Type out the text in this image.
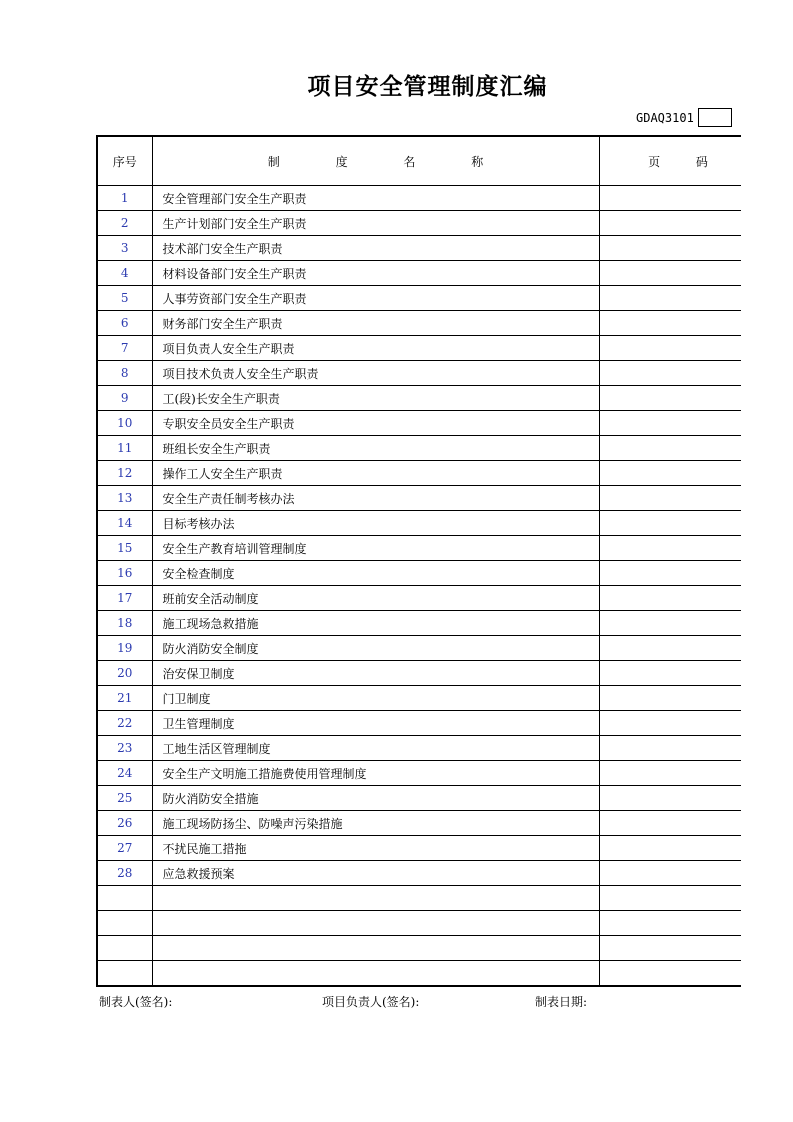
项目安全管理制度汇编
GDAQ3101
序号	制 度 名 称	页 码
1	安全管理部门安全生产职责	
2	生产计划部门安全生产职责	
3	技术部门安全生产职责	
4	材料设备部门安全生产职责	
5	人事劳资部门安全生产职责	
6	财务部门安全生产职责	
7	项目负责人安全生产职责	
8	项目技术负责人安全生产职责	
9	工(段)长安全生产职责	
10	专职安全员安全生产职责	
11	班组长安全生产职责	
12	操作工人安全生产职责	
13	安全生产责任制考核办法	
14	目标考核办法	
15	安全生产教育培训管理制度	
16	安全检查制度	
17	班前安全活动制度	
18	施工现场急救措施	
19	防火消防安全制度	
20	治安保卫制度	
21	门卫制度	
22	卫生管理制度	
23	工地生活区管理制度	
24	安全生产文明施工措施费使用管理制度	
25	防火消防安全措施	
26	施工现场防扬尘、防噪声污染措施	
27	不扰民施工措拖	
28	应急救援预案	

制表人(签名):	项目负责人(签名):	制表日期:
